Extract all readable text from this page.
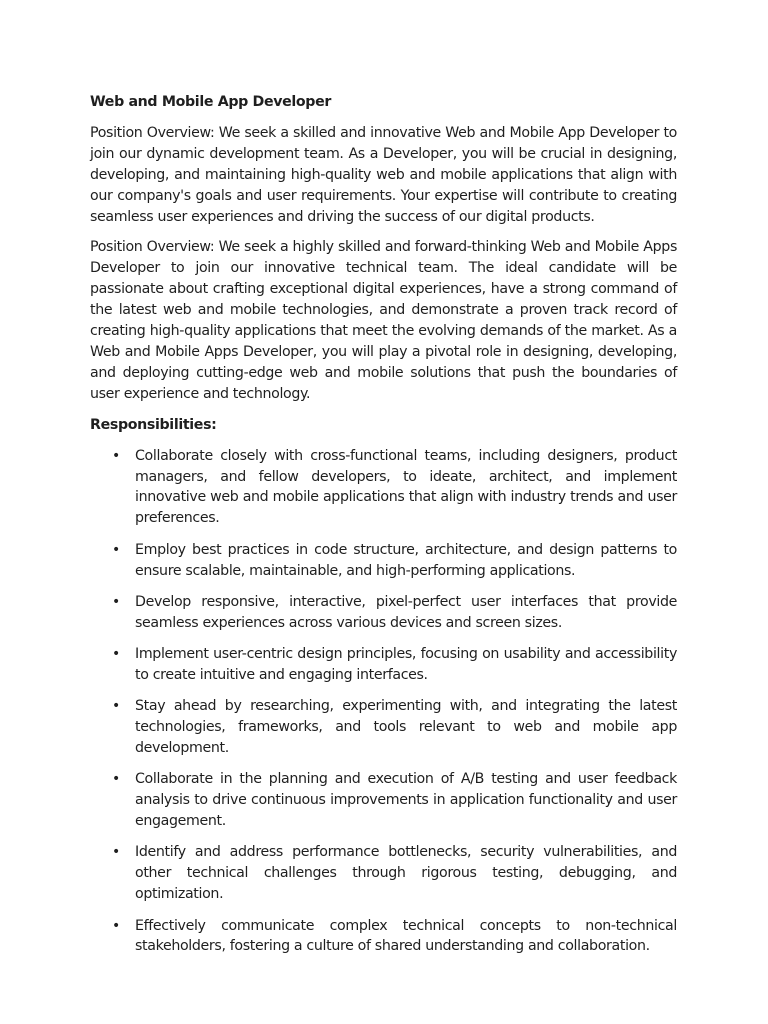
Web and Mobile App Developer

Position Overview: We seek a skilled and innovative Web and Mobile App Developer to join our dynamic development team. As a Developer, you will be crucial in designing, developing, and maintaining high-quality web and mobile applications that align with our company's goals and user requirements. Your expertise will contribute to creating seamless user experiences and driving the success of our digital products.

Position Overview: We seek a highly skilled and forward-thinking Web and Mobile Apps Developer to join our innovative technical team. The ideal candidate will be passionate about crafting exceptional digital experiences, have a strong command of the latest web and mobile technologies, and demonstrate a proven track record of creating high-quality applications that meet the evolving demands of the market. As a Web and Mobile Apps Developer, you will play a pivotal role in designing, developing, and deploying cutting-edge web and mobile solutions that push the boundaries of user experience and technology.

Responsibilities:
• Collaborate closely with cross-functional teams, including designers, product managers, and fellow developers, to ideate, architect, and implement innovative web and mobile applications that align with industry trends and user preferences.
• Employ best practices in code structure, architecture, and design patterns to ensure scalable, maintainable, and high-performing applications.
• Develop responsive, interactive, pixel-perfect user interfaces that provide seamless experiences across various devices and screen sizes.
• Implement user-centric design principles, focusing on usability and accessibility to create intuitive and engaging interfaces.
• Stay ahead by researching, experimenting with, and integrating the latest technologies, frameworks, and tools relevant to web and mobile app development.
• Collaborate in the planning and execution of A/B testing and user feedback analysis to drive continuous improvements in application functionality and user engagement.
• Identify and address performance bottlenecks, security vulnerabilities, and other technical challenges through rigorous testing, debugging, and optimization.
• Effectively communicate complex technical concepts to non-technical stakeholders, fostering a culture of shared understanding and collaboration.
